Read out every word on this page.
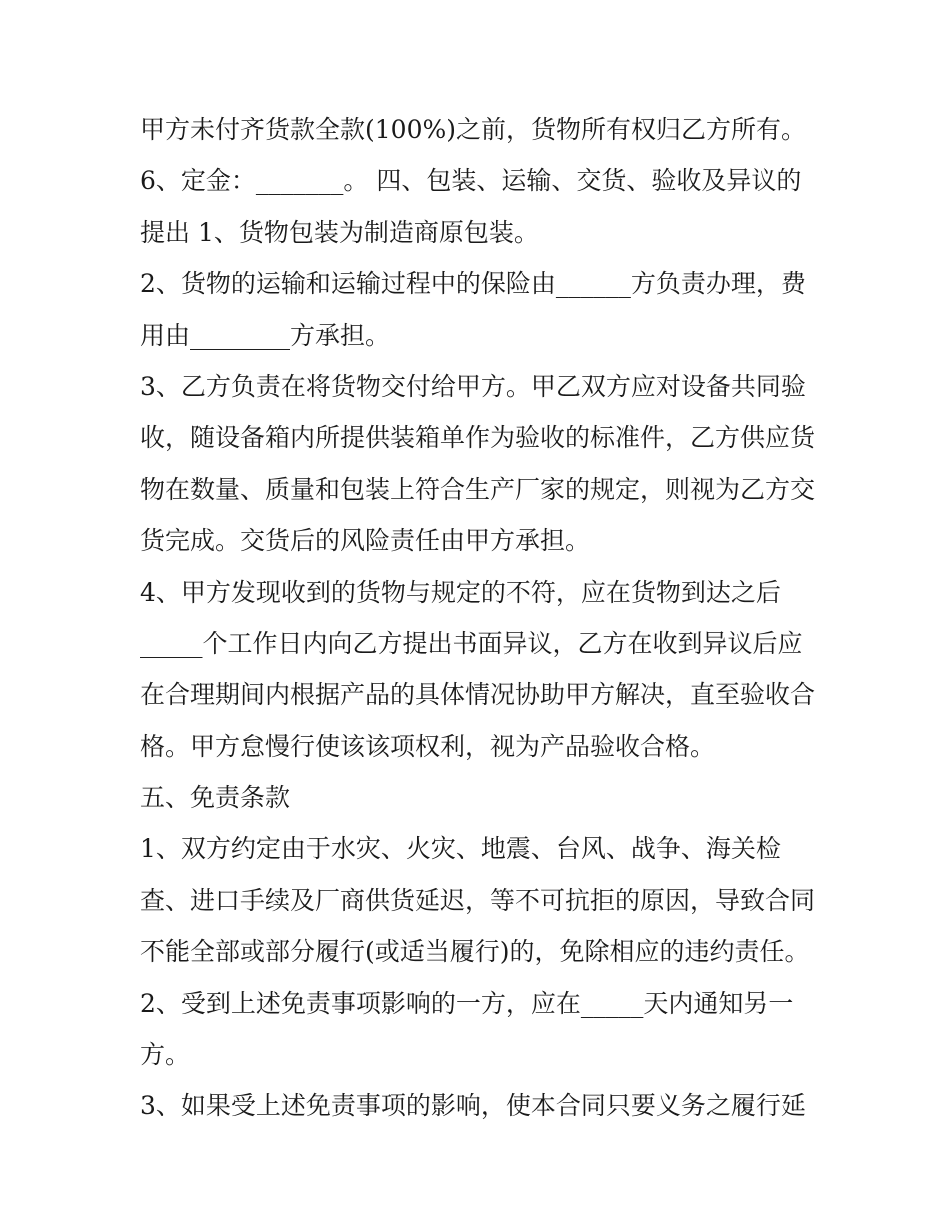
甲方未付齐货款全款(100%)之前，货物所有权归乙方所有。
6、定金：_______。 四、包装、运输、交货、验收及异议的
提出 1、货物包装为制造商原包装。
2、货物的运输和运输过程中的保险由______方负责办理，费
用由________方承担。
3、乙方负责在将货物交付给甲方。甲乙双方应对设备共同验
收，随设备箱内所提供装箱单作为验收的标准件，乙方供应货
物在数量、质量和包装上符合生产厂家的规定，则视为乙方交
货完成。交货后的风险责任由甲方承担。
4、甲方发现收到的货物与规定的不符，应在货物到达之后
_____个工作日内向乙方提出书面异议，乙方在收到异议后应
在合理期间内根据产品的具体情况协助甲方解决，直至验收合
格。甲方怠慢行使该该项权利，视为产品验收合格。
五、免责条款
1、双方约定由于水灾、火灾、地震、台风、战争、海关检
查、进口手续及厂商供货延迟，等不可抗拒的原因，导致合同
不能全部或部分履行(或适当履行)的，免除相应的违约责任。
2、受到上述免责事项影响的一方，应在_____天内通知另一
方。
3、如果受上述免责事项的影响，使本合同只要义务之履行延
